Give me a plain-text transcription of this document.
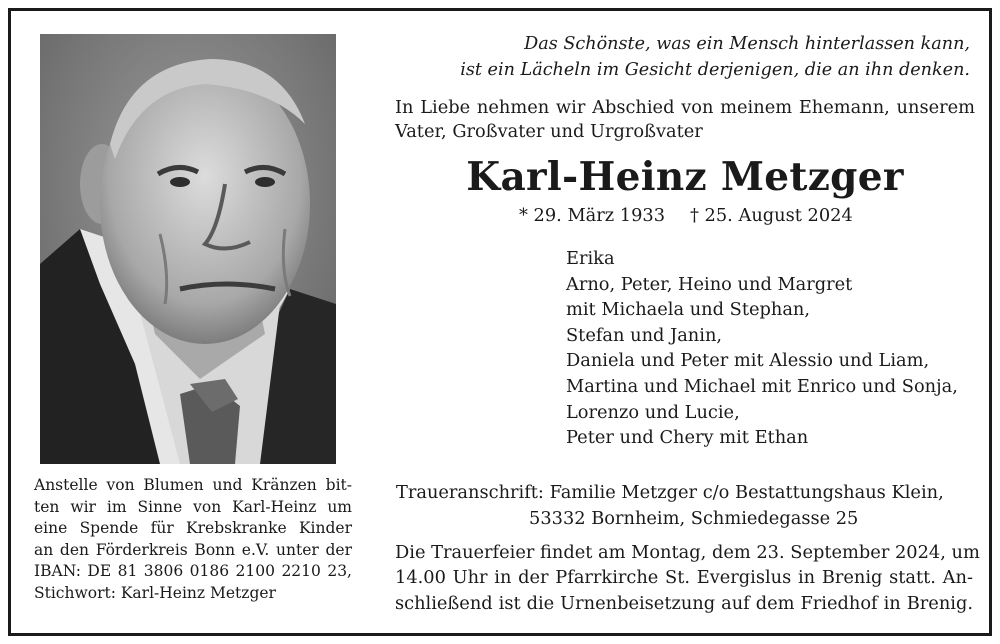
Anstelle von Blumen und Kränzen bit-
ten wir im Sinne von Karl-Heinz um
eine Spende für Krebskranke Kinder
an den Förderkreis Bonn e.V. unter der
IBAN: DE 81 3806 0186 2100 2210 23,
Stichwort: Karl-Heinz Metzger
Das Schönste, was ein Mensch hinterlassen kann,
ist ein Lächeln im Gesicht derjenigen, die an ihn denken.
In Liebe nehmen wir Abschied von meinem Ehemann, unserem
Vater, Großvater und Urgroßvater
Karl-Heinz Metzger
* 29. März 1933 † 25. August 2024
Erika
Arno, Peter, Heino und Margret
mit Michaela und Stephan,
Stefan und Janin,
Daniela und Peter mit Alessio und Liam,
Martina und Michael mit Enrico und Sonja,
Lorenzo und Lucie,
Peter und Chery mit Ethan
Traueranschrift: Familie Metzger c/o Bestattungshaus Klein,
53332 Bornheim, Schmiedegasse 25
Die Trauerfeier findet am Montag, dem 23. September 2024, um
14.00 Uhr in der Pfarrkirche St. Evergislus in Brenig statt. An-
schließend ist die Urnenbeisetzung auf dem Friedhof in Brenig.
